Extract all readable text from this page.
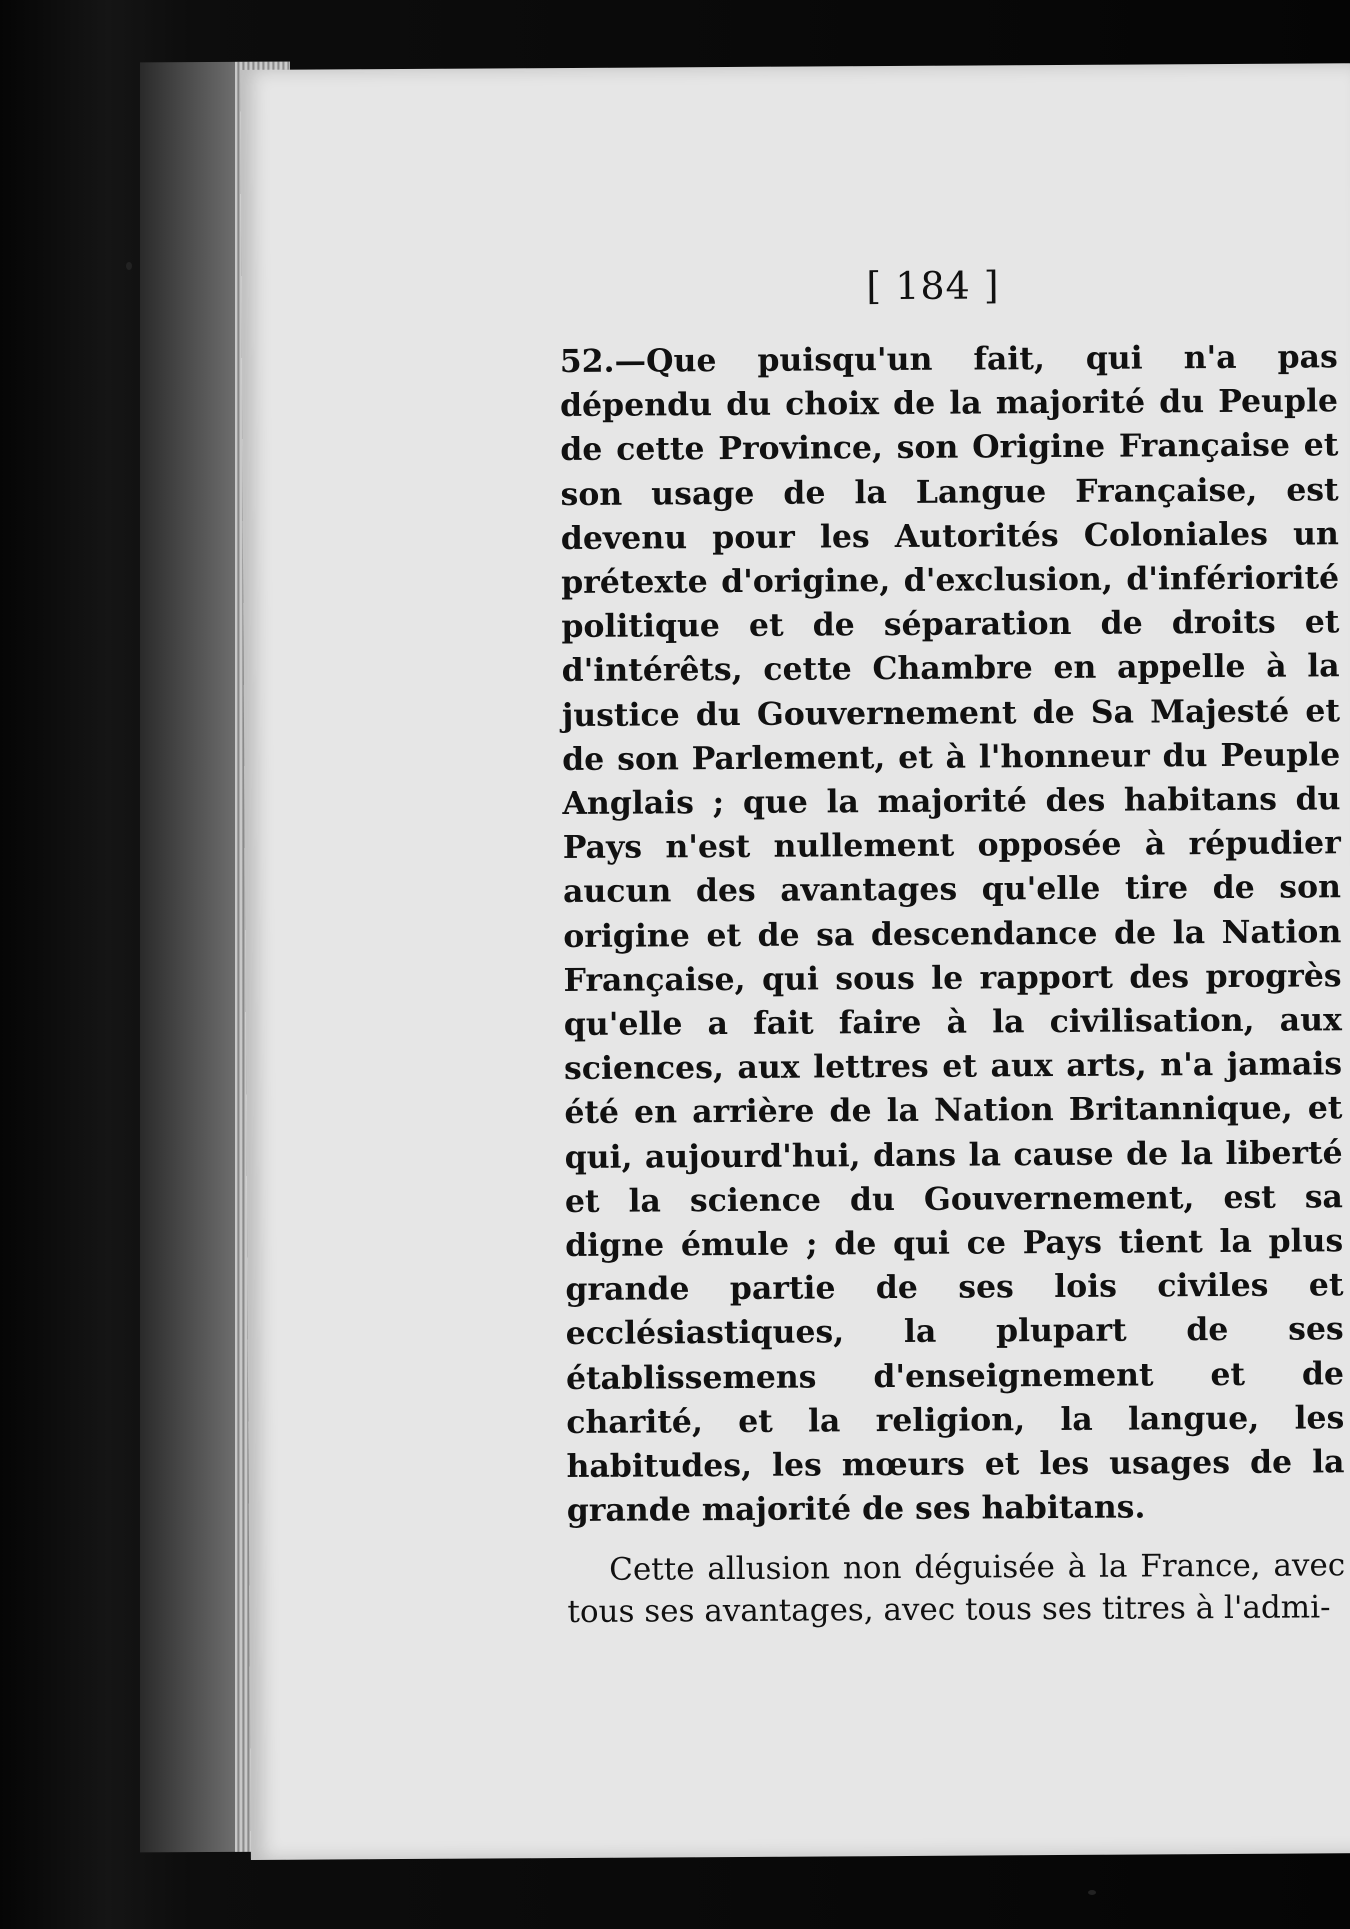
[ 184 ]

52.—Que puisqu'un fait, qui n'a pas dépendu du choix de la majorité du Peuple de cette Province, son Origine Française et son usage de la Langue Française, est devenu pour les Autorités Coloniales un prétexte d'origine, d'exclusion, d'infériorité politique et de séparation de droits et d'intérêts, cette Chambre en appelle à la justice du Gouvernement de Sa Majesté et de son Parlement, et à l'honneur du Peuple Anglais ; que la majorité des habitans du Pays n'est nullement opposée à répudier aucun des avantages qu'elle tire de son origine et de sa descendance de la Nation Française, qui sous le rapport des progrès qu'elle a fait faire à la civilisation, aux sciences, aux lettres et aux arts, n'a jamais été en arrière de la Nation Britannique, et qui, aujourd'hui, dans la cause de la liberté et la science du Gouvernement, est sa digne émule ; de qui ce Pays tient la plus grande partie de ses lois civiles et ecclésiastiques, la plupart de ses établissemens d'enseignement et de charité, et la religion, la langue, les habitudes, les mœurs et les usages de la grande majorité de ses habitans.

Cette allusion non déguisée à la France, avec tous ses avantages, avec tous ses titres à l'admi-
